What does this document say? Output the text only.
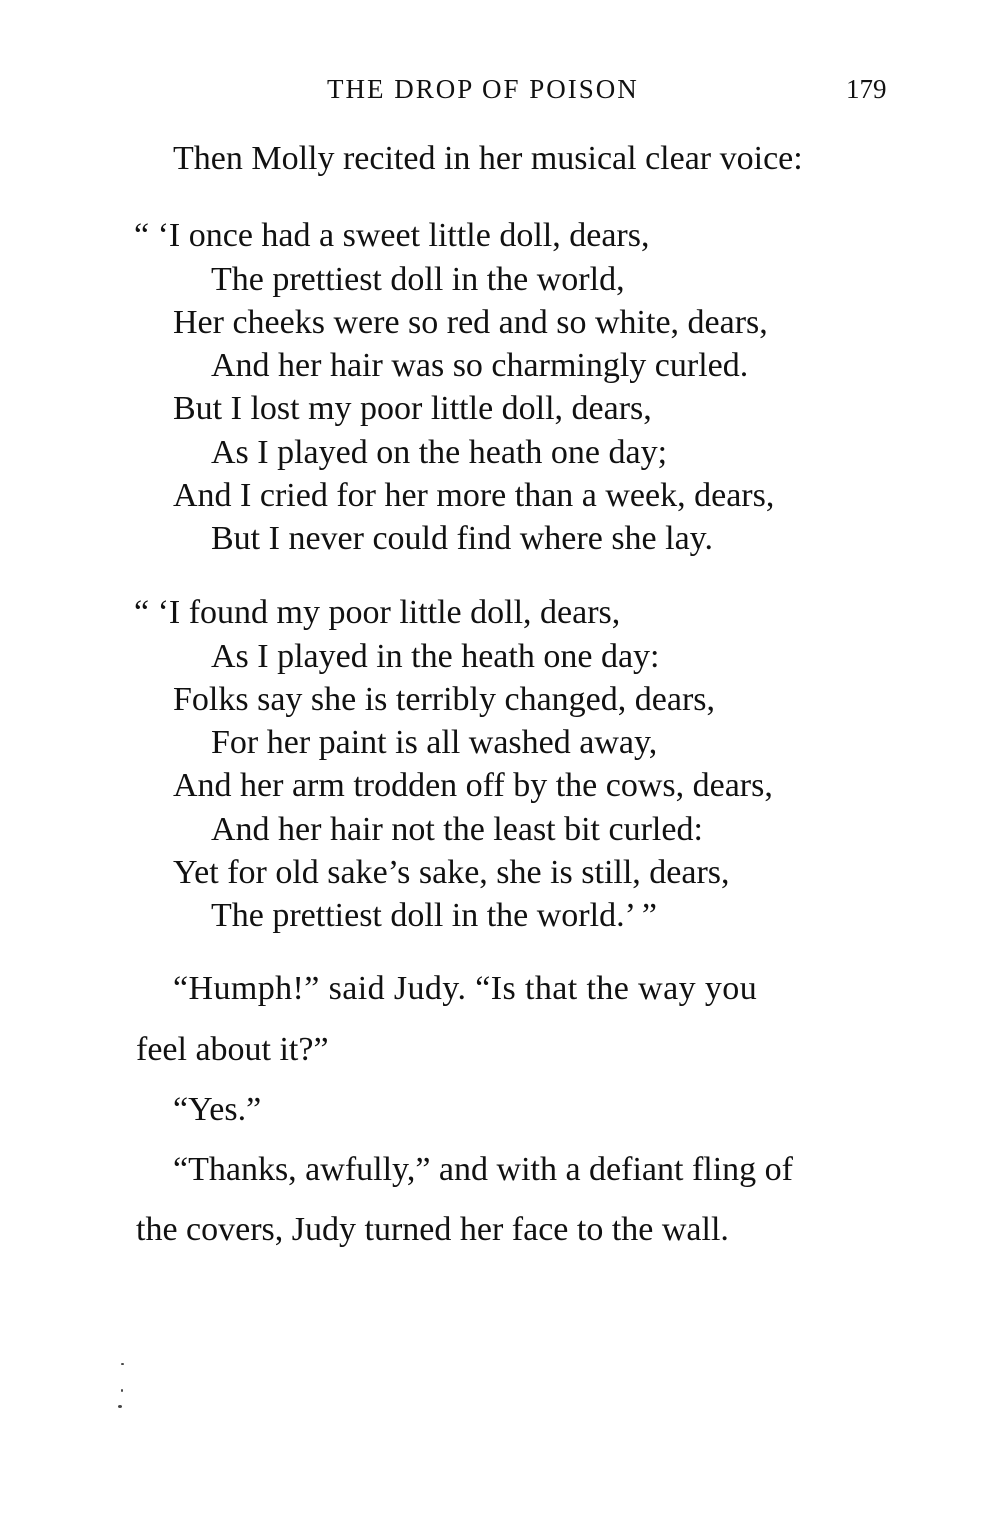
THE DROP OF POISON	179
Then Molly recited in her musical clear voice:
“ ‘I once had a sweet little doll, dears,
The prettiest doll in the world,
Her cheeks were so red and so white, dears,
And her hair was so charmingly curled.
But I lost my poor little doll, dears,
As I played on the heath one day;
And I cried for her more than a week, dears,
But I never could find where she lay.
“ ‘I found my poor little doll, dears,
As I played in the heath one day:
Folks say she is terribly changed, dears,
For her paint is all washed away,
And her arm trodden off by the cows, dears,
And her hair not the least bit curled:
Yet for old sake’s sake, she is still, dears,
The prettiest doll in the world.’ ”
“Humph!” said Judy. “Is that the way you
feel about it?”
“Yes.”
“Thanks, awfully,” and with a defiant fling of
the covers, Judy turned her face to the wall.
